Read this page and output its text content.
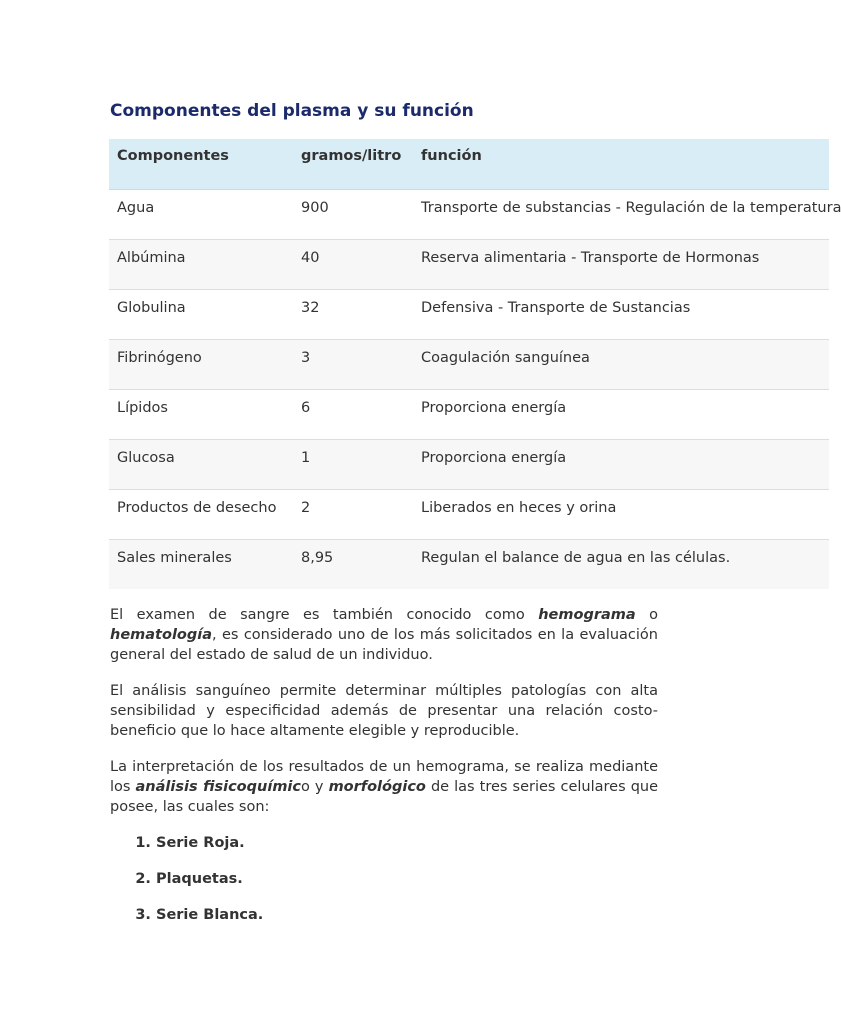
Componentes del plasma y su función
Componentes	gramos/litro	función
Agua	900	Transporte de substancias - Regulación de la temperatura
Albúmina	40	Reserva alimentaria - Transporte de Hormonas
Globulina	32	Defensiva - Transporte de Sustancias
Fibrinógeno	3	Coagulación sanguínea
Lípidos	6	Proporciona energía
Glucosa	1	Proporciona energía
Productos de desecho	2	Liberados en heces y orina
Sales minerales	8,95	Regulan el balance de agua en las células.

El examen de sangre es también conocido como hemograma o hematología, es considerado uno de los más solicitados en la evaluación general del estado de salud de un individuo.

El análisis sanguíneo permite determinar múltiples patologías con alta sensibilidad y especificidad además de presentar una relación costo-beneficio que lo hace altamente elegible y reproducible.

La interpretación de los resultados de un hemograma, se realiza mediante los análisis fisicoquímico y morfológico de las tres series celulares que posee, las cuales son:

1. Serie Roja.
2. Plaquetas.
3. Serie Blanca.
